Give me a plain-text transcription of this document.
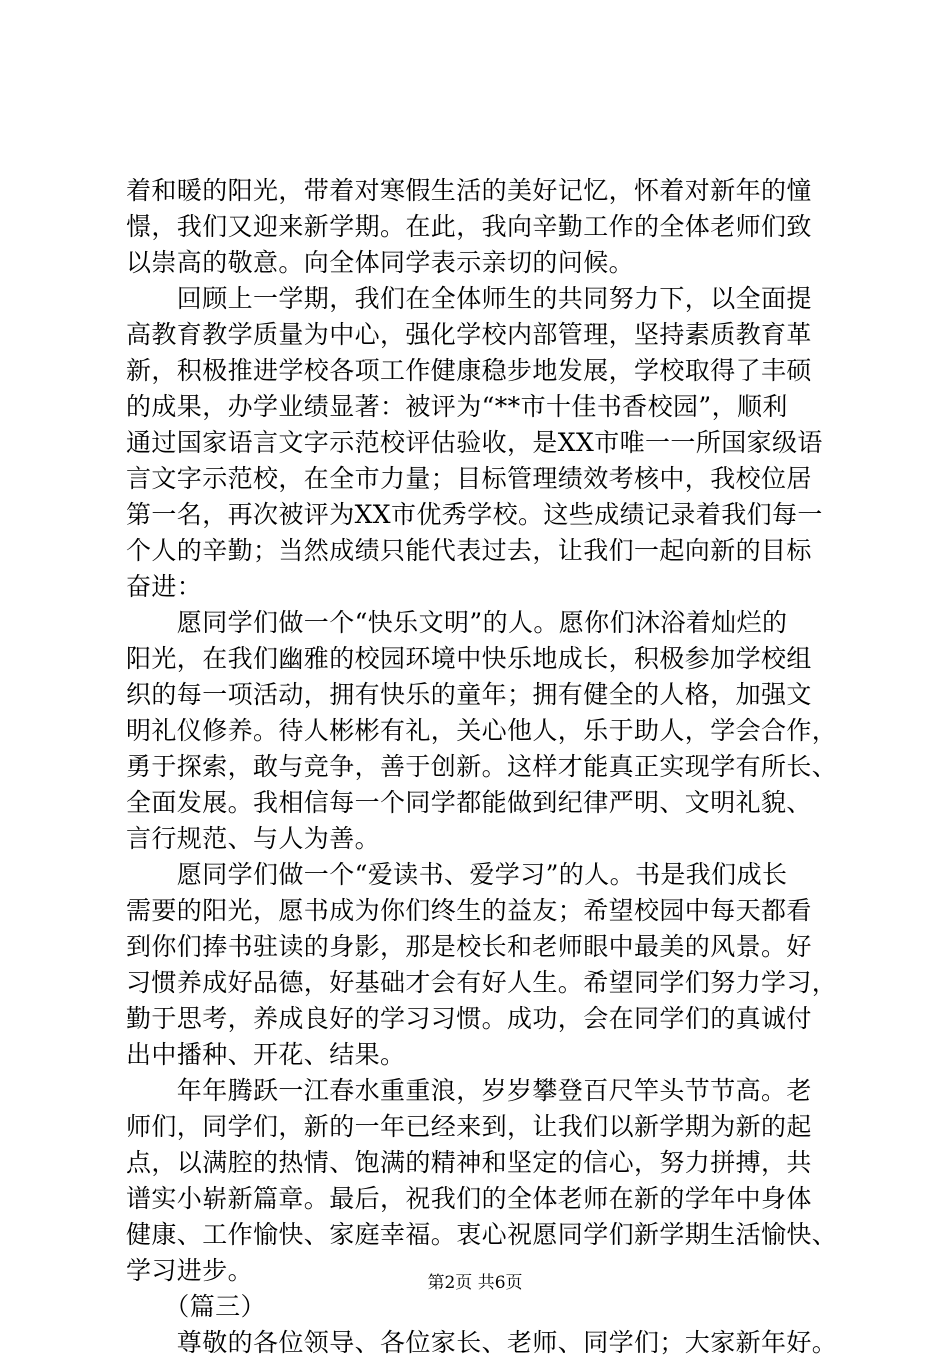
着和暖的阳光，带着对寒假生活的美好记忆，怀着对新年的憧
憬，我们又迎来新学期。在此，我向辛勤工作的全体老师们致
以崇高的敬意。向全体同学表示亲切的问候。
　　回顾上一学期，我们在全体师生的共同努力下，以全面提
高教育教学质量为中心，强化学校内部管理，坚持素质教育革
新，积极推进学校各项工作健康稳步地发展，学校取得了丰硕
的成果，办学业绩显著：被评为“**市十佳书香校园”，顺利
通过国家语言文字示范校评估验收，是XX市唯一一所国家级语
言文字示范校，在全市力量；目标管理绩效考核中，我校位居
第一名，再次被评为XX市优秀学校。这些成绩记录着我们每一
个人的辛勤；当然成绩只能代表过去，让我们一起向新的目标
奋进：
　　愿同学们做一个“快乐文明”的人。愿你们沐浴着灿烂的
阳光，在我们幽雅的校园环境中快乐地成长，积极参加学校组
织的每一项活动，拥有快乐的童年；拥有健全的人格，加强文
明礼仪修养。待人彬彬有礼，关心他人，乐于助人，学会合作，
勇于探索，敢与竞争，善于创新。这样才能真正实现学有所长、
全面发展。我相信每一个同学都能做到纪律严明、文明礼貌、
言行规范、与人为善。
　　愿同学们做一个“爱读书、爱学习”的人。书是我们成长
需要的阳光，愿书成为你们终生的益友；希望校园中每天都看
到你们捧书驻读的身影，那是校长和老师眼中最美的风景。好
习惯养成好品德，好基础才会有好人生。希望同学们努力学习，
勤于思考，养成良好的学习习惯。成功，会在同学们的真诚付
出中播种、开花、结果。
　　年年腾跃一江春水重重浪，岁岁攀登百尺竿头节节高。老
师们，同学们，新的一年已经来到，让我们以新学期为新的起
点，以满腔的热情、饱满的精神和坚定的信心，努力拼搏，共
谱实小崭新篇章。最后，祝我们的全体老师在新的学年中身体
健康、工作愉快、家庭幸福。衷心祝愿同学们新学期生活愉快、
学习进步。
　　（篇三）
　　尊敬的各位领导、各位家长、老师、同学们；大家新年好。
第2页 共6页
